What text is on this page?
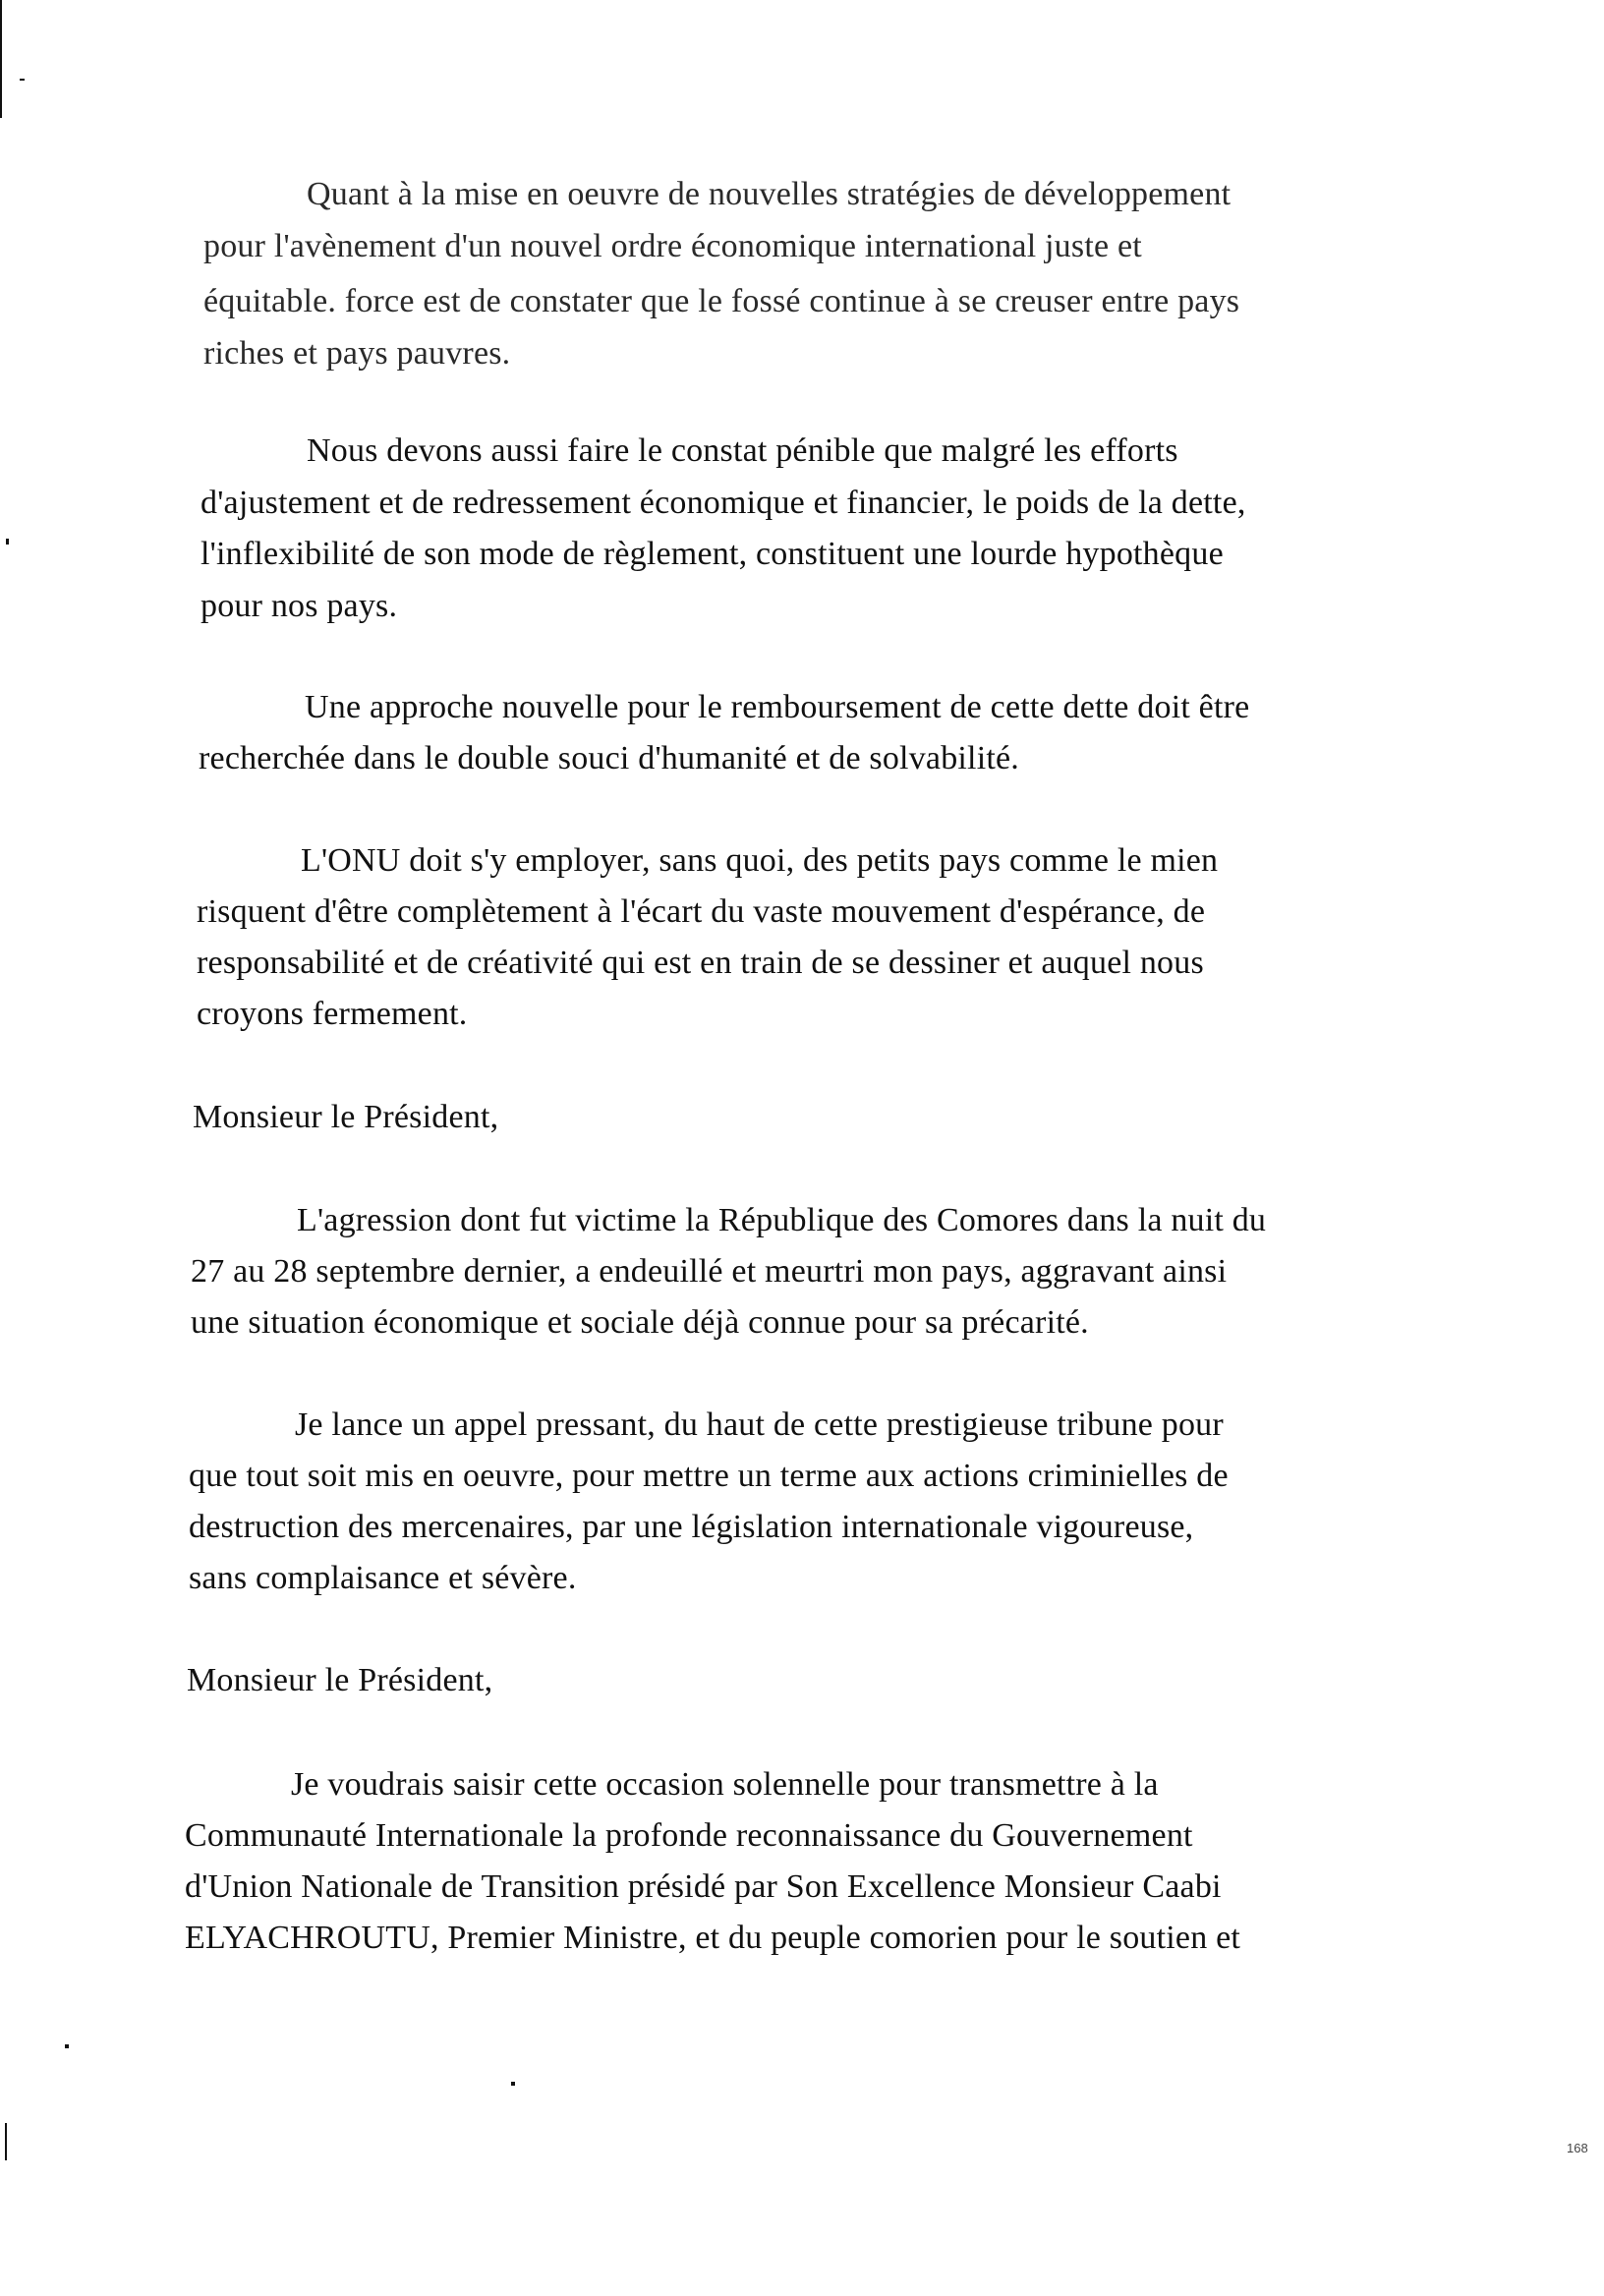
Quant à la mise en oeuvre de nouvelles stratégies de développement
pour l'avènement d'un nouvel ordre économique international juste et
équitable. force est de constater que le fossé continue à se creuser entre pays
riches et pays pauvres.
Nous devons aussi faire le constat pénible que malgré les efforts
d'ajustement et de redressement économique et financier, le poids de la dette,
l'inflexibilité de son mode de règlement, constituent une lourde hypothèque
pour nos pays.
Une approche nouvelle pour le remboursement de cette dette doit être
recherchée dans le double souci d'humanité et de solvabilité.
L'ONU doit s'y employer, sans quoi, des petits pays comme le mien
risquent d'être complètement à l'écart du vaste mouvement d'espérance, de
responsabilité et de créativité qui est en train de se dessiner et auquel nous
croyons fermement.
Monsieur le Président,
L'agression dont fut victime la République des Comores dans la nuit du
27 au 28 septembre dernier, a endeuillé et meurtri mon pays, aggravant ainsi
une situation économique et sociale déjà connue pour sa précarité.
Je lance un appel pressant, du haut de cette prestigieuse tribune pour
que tout soit mis en oeuvre, pour mettre un terme aux actions criminielles de
destruction des mercenaires, par une législation internationale vigoureuse,
sans complaisance et sévère.
Monsieur le Président,
Je voudrais saisir cette occasion solennelle pour transmettre à la
Communauté Internationale la profonde reconnaissance du Gouvernement
d'Union Nationale de Transition présidé par Son Excellence Monsieur Caabi
ELYACHROUTU, Premier Ministre, et du peuple comorien pour le soutien et
168
